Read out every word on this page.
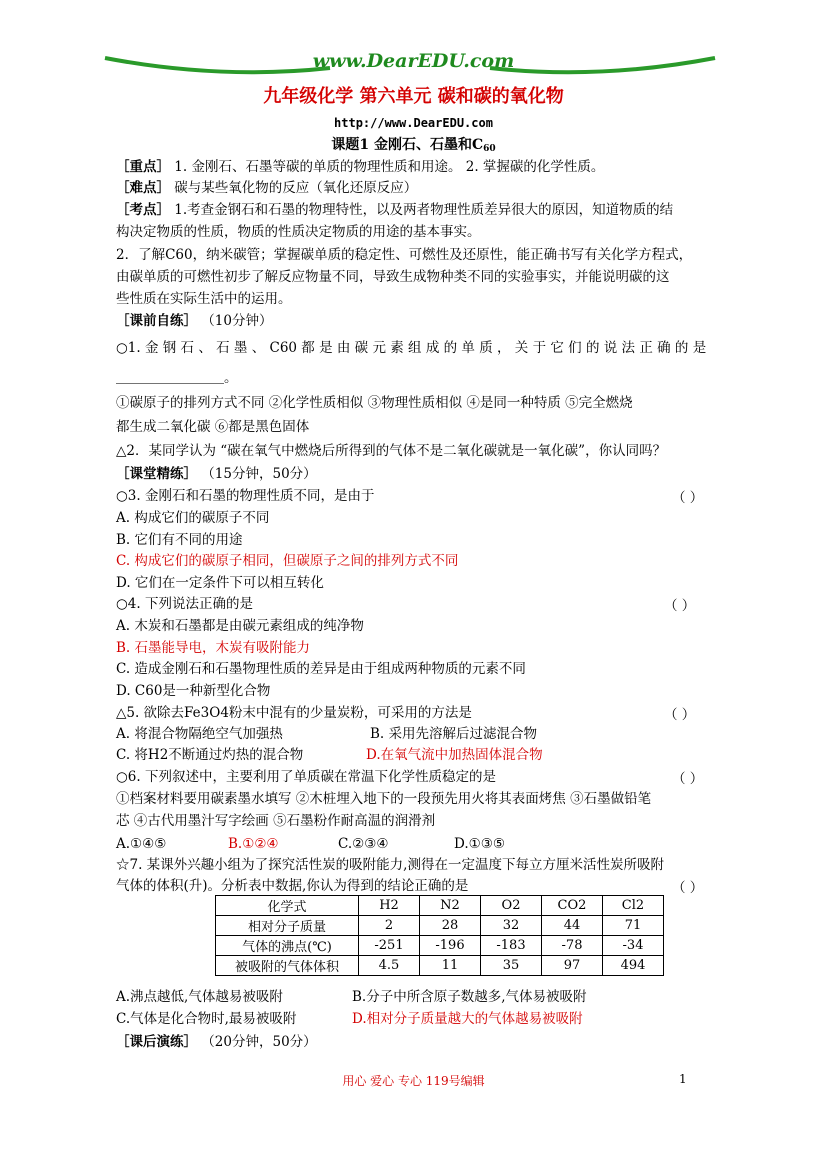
www.DearEDU.com
九年级化学 第六单元 碳和碳的氧化物
http://www.DearEDU.com
课题1 金刚石、石墨和$C_{60}$
［重点］ 1. 金刚石、石墨等碳的单质的物理性质和用途。 2. 掌握碳的化学性质。
［难点］ 碳与某些氧化物的反应（氧化还原反应）
［考点］ 1.考查金钢石和石墨的物理特性，以及两者物理性质差异很大的原因，知道物质的结
构决定物质的性质，物质的性质决定物质的用途的基本事实。
2．了解C60，纳米碳管；掌握碳单质的稳定性、可燃性及还原性，能正确书写有关化学方程式，
由碳单质的可燃性初步了解反应物量不同，导致生成物种类不同的实验事实，并能说明碳的这
些性质在实际生活中的运用。
［课前自练］ （10分钟）
○1. 金 钢 石 、 石 墨 、 C60 都 是 由 碳 元 素 组 成 的 单 质 ， 关 于 它 们 的 说 法 正 确 的 是
＿＿＿＿＿＿＿＿。
①碳原子的排列方式不同 ②化学性质相似 ③物理性质相似 ④是同一种特质 ⑤完全燃烧
都生成二氧化碳 ⑥都是黑色固体
△2．某同学认为 “碳在氧气中燃烧后所得到的气体不是二氧化碳就是一氧化碳”，你认同吗？
［课堂精练］ （15分钟，50分）
○3. 金刚石和石墨的物理性质不同，是由于	（ ）
A. 构成它们的碳原子不同
B. 它们有不同的用途
C. 构成它们的碳原子相同，但碳原子之间的排列方式不同
D. 它们在一定条件下可以相互转化
○4. 下列说法正确的是	（ ）
A. 木炭和石墨都是由碳元素组成的纯净物
B. 石墨能导电，木炭有吸附能力
C. 造成金刚石和石墨物理性质的差异是由于组成两种物质的元素不同
D. C60是一种新型化合物
△5. 欲除去Fe3O4粉末中混有的少量炭粉，可采用的方法是	（ ）
A. 将混合物隔绝空气加强热	B. 采用先溶解后过滤混合物
C. 将H2不断通过灼热的混合物	D.在氧气流中加热固体混合物
○6. 下列叙述中，主要利用了单质碳在常温下化学性质稳定的是	（ ）
①档案材料要用碳素墨水填写 ②木桩埋入地下的一段预先用火将其表面烤焦 ③石墨做铅笔
芯 ④古代用墨汁写字绘画 ⑤石墨粉作耐高温的润滑剂
A.①④⑤	B.①②④	C.②③④	D.①③⑤
☆7. 某课外兴趣小组为了探究活性炭的吸附能力,测得在一定温度下每立方厘米活性炭所吸附
气体的体积(升)。分析表中数据,你认为得到的结论正确的是	（ ）
化学式	H2	N2	O2	CO2	Cl2
相对分子质量	2	28	32	44	71
气体的沸点(℃)	-251	-196	-183	-78	-34
被吸附的气体体积	4.5	11	35	97	494
A.沸点越低,气体越易被吸附	B.分子中所含原子数越多,气体易被吸附
C.气体是化合物时,最易被吸附	D.相对分子质量越大的气体越易被吸附
［课后演练］ （20分钟，50分）
用心 爱心 专心 119号编辑	1
